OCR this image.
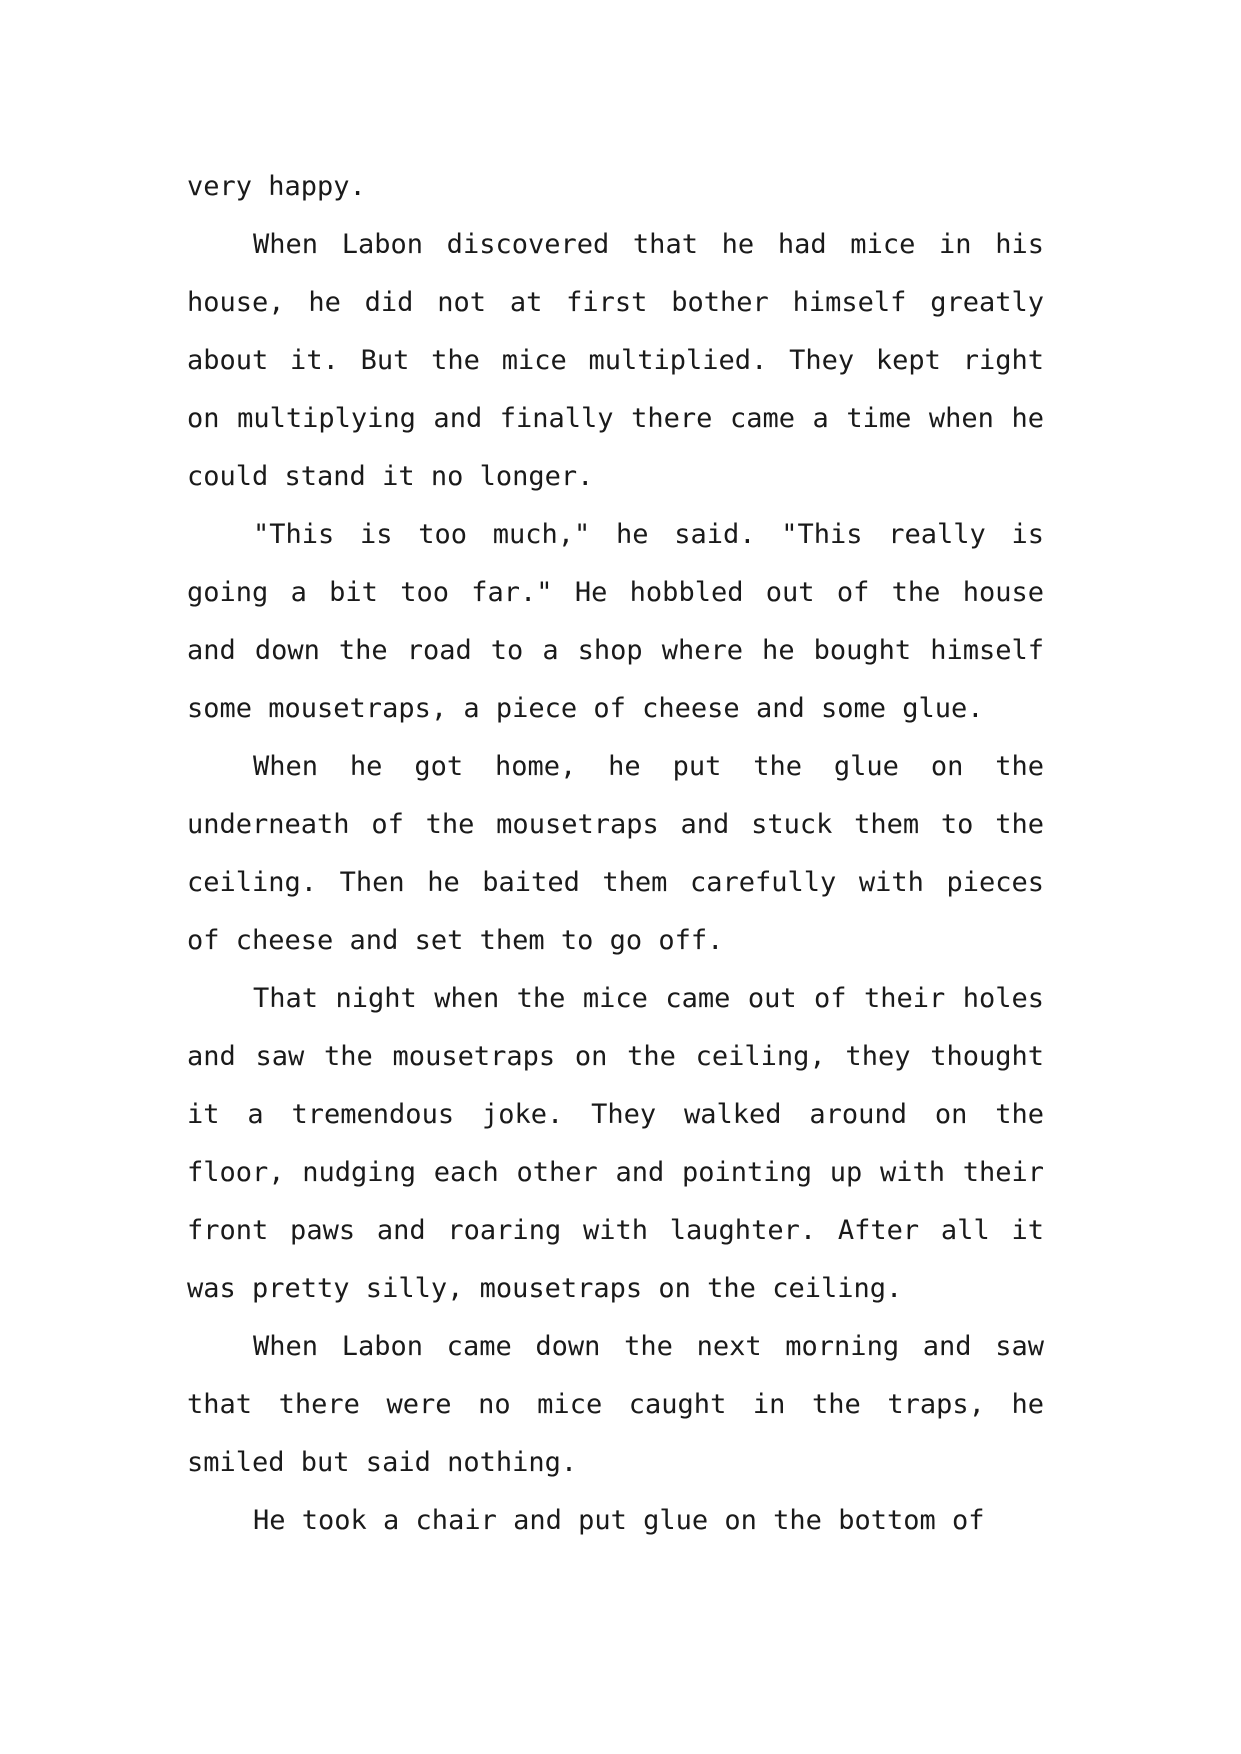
very happy.

When Labon discovered that he had mice in his house, he did not at first bother himself greatly about it. But the mice multiplied. They kept right on multiplying and finally there came a time when he could stand it no longer.

"This is too much," he said. "This really is going a bit too far." He hobbled out of the house and down the road to a shop where he bought himself some mousetraps, a piece of cheese and some glue.

When he got home, he put the glue on the underneath of the mousetraps and stuck them to the ceiling. Then he baited them carefully with pieces of cheese and set them to go off.

That night when the mice came out of their holes and saw the mousetraps on the ceiling, they thought it a tremendous joke. They walked around on the floor, nudging each other and pointing up with their front paws and roaring with laughter. After all it was pretty silly, mousetraps on the ceiling.

When Labon came down the next morning and saw that there were no mice caught in the traps, he smiled but said nothing.

He took a chair and put glue on the bottom of
